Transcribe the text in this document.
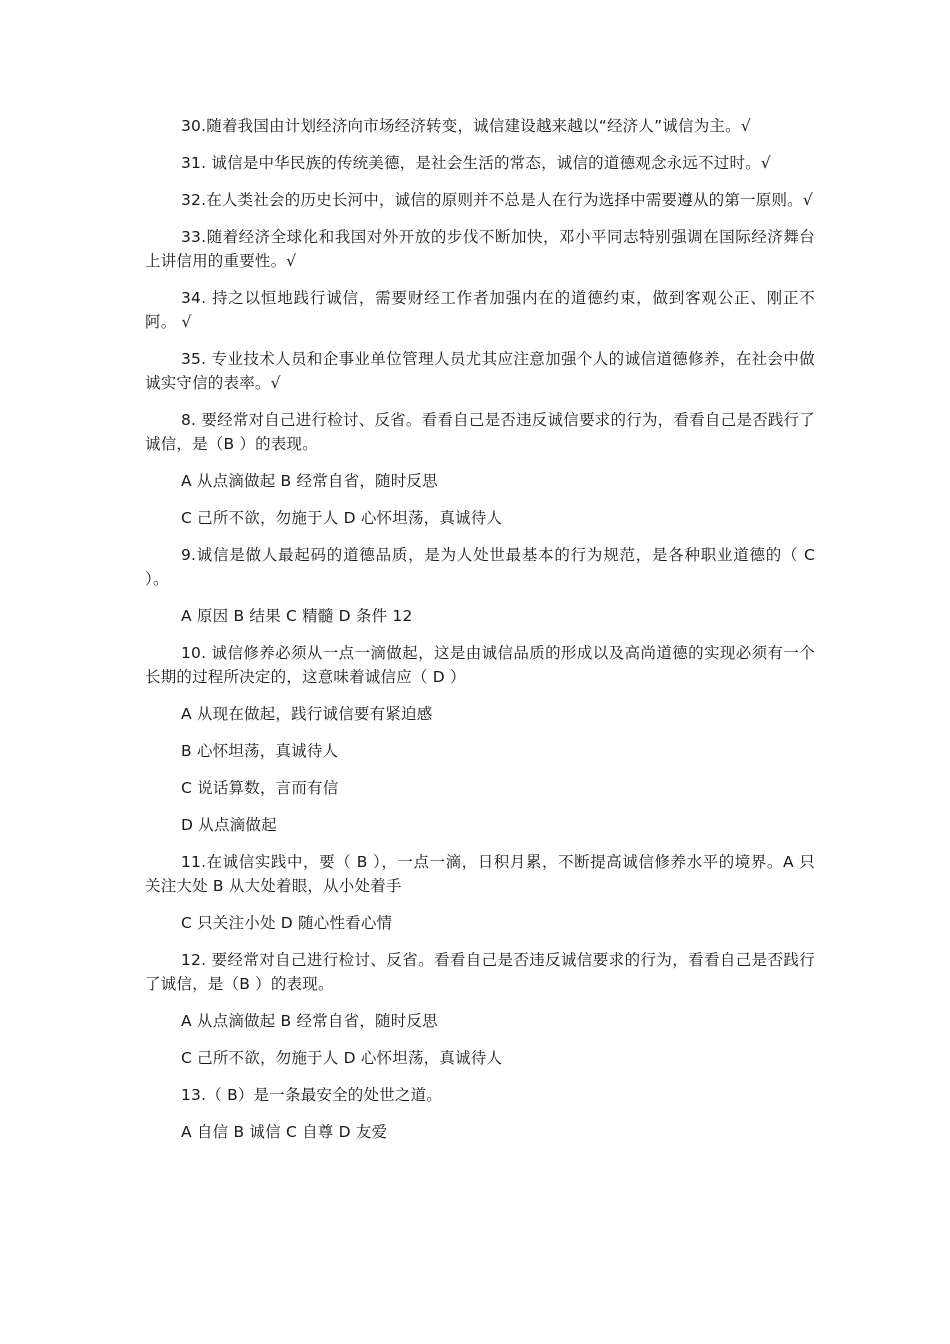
30.随着我国由计划经济向市场经济转变，诚信建设越来越以“经济人”诚信为主。√

31. 诚信是中华民族的传统美德，是社会生活的常态，诚信的道德观念永远不过时。√

32.在人类社会的历史长河中，诚信的原则并不总是人在行为选择中需要遵从的第一原则。√

33.随着经济全球化和我国对外开放的步伐不断加快，邓小平同志特别强调在国际经济舞台 上讲信用的重要性。√

34. 持之以恒地践行诚信，需要财经工作者加强内在的道德约束，做到客观公正、刚正不阿。 √

35. 专业技术人员和企事业单位管理人员尤其应注意加强个人的诚信道德修养，在社会中做 诚实守信的表率。√

8. 要经常对自己进行检讨、反省。看看自己是否违反诚信要求的行为，看看自己是否践行了诚信，是（B ）的表现。

A 从点滴做起 B 经常自省，随时反思

C 己所不欲，勿施于人 D 心怀坦荡，真诚待人

9.诚信是做人最起码的道德品质，是为人处世最基本的行为规范，是各种职业道德的（ C ）。

A 原因 B 结果 C 精髓 D 条件 12

10. 诚信修养必须从一点一滴做起，这是由诚信品质的形成以及高尚道德的实现必须有一个 长期的过程所决定的，这意味着诚信应（ D ）

A 从现在做起，践行诚信要有紧迫感

B 心怀坦荡，真诚待人

C 说话算数，言而有信

D 从点滴做起

11.在诚信实践中，要（ B ），一点一滴，日积月累，不断提高诚信修养水平的境界。A 只关注大处 B 从大处着眼，从小处着手

C 只关注小处 D 随心性看心情

12. 要经常对自己进行检讨、反省。看看自己是否违反诚信要求的行为，看看自己是否践行了诚信，是（B ）的表现。

A 从点滴做起 B 经常自省，随时反思

C 己所不欲，勿施于人 D 心怀坦荡，真诚待人

13.（ B）是一条最安全的处世之道。

A 自信 B 诚信 C 自尊 D 友爱
